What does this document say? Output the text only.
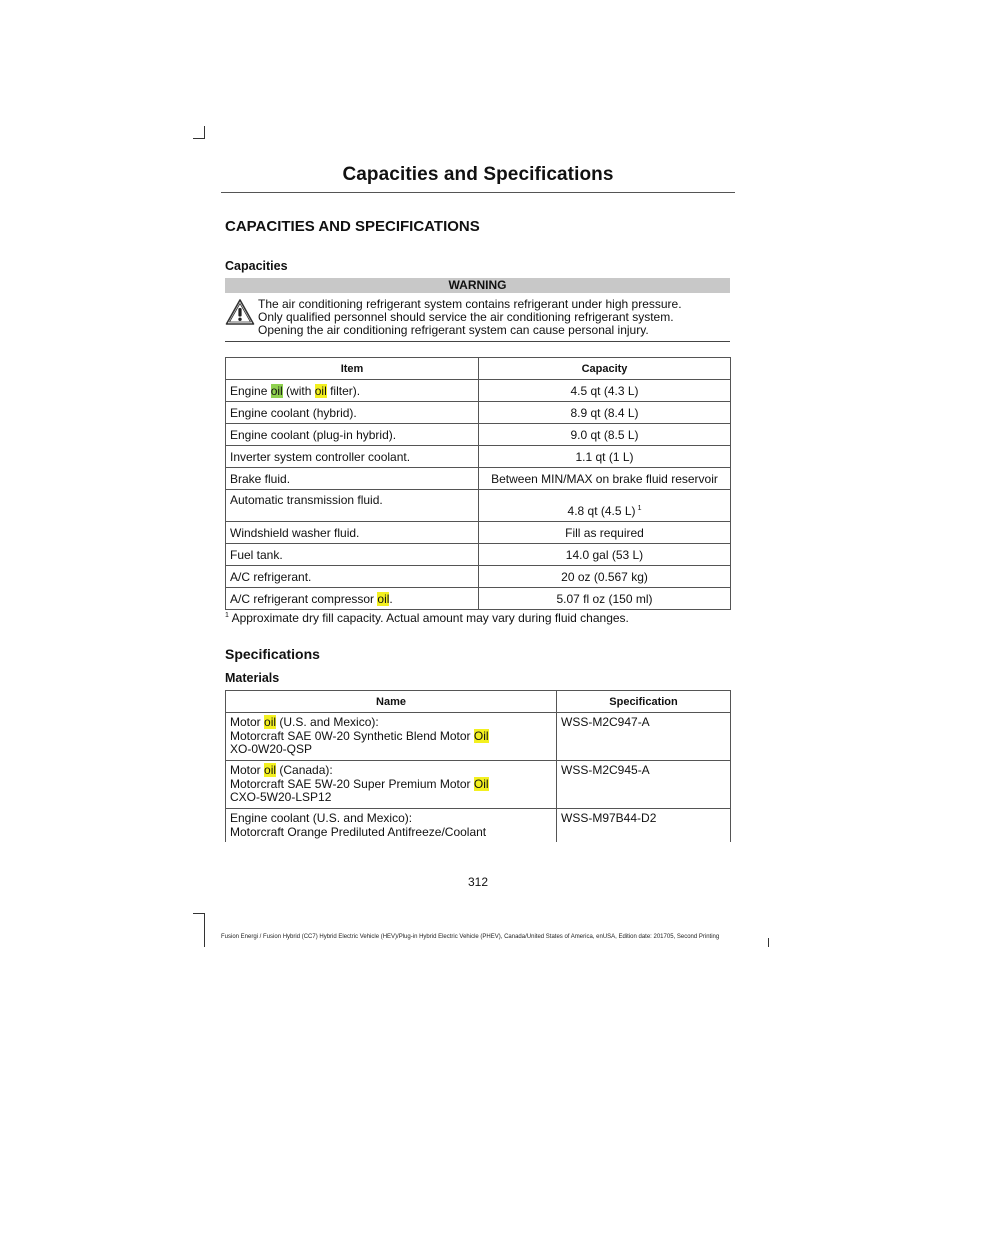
Capacities and Specifications
CAPACITIES AND SPECIFICATIONS
Capacities
WARNING

The air conditioning refrigerant system contains refrigerant under high pressure.

Only qualified personnel should service the air conditioning refrigerant system.

Opening the air conditioning refrigerant system can cause personal injury.

Item	Capacity
Engine oil (with oil filter).	4.5 qt (4.3 L)
Engine coolant (hybrid).	8.9 qt (8.4 L)
Engine coolant (plug-in hybrid).	9.0 qt (8.5 L)
Inverter system controller coolant.	1.1 qt (1 L)
Brake fluid.	Between MIN/MAX on brake fluid reservoir
Automatic transmission fluid.	4.8 qt (4.5 L) $^1$
Windshield washer fluid.	Fill as required
Fuel tank.	14.0 gal (53 L)
A/C refrigerant.	20 oz (0.567 kg)
A/C refrigerant compressor oil.	5.07 fl oz (150 ml)
$^1$ Approximate dry fill capacity. Actual amount may vary during fluid changes.
Specifications
Materials
Name	Specification

Motor oil (U.S. and Mexico):
Motorcraft SAE 0W-20 Synthetic Blend Motor Oil
XO-0W20-QSP	WSS-M2C947-A

Motor oil (Canada):
Motorcraft SAE 5W-20 Super Premium Motor Oil
CXO-5W20-LSP12	WSS-M2C945-A

Engine coolant (U.S. and Mexico):
Motorcraft Orange Prediluted Antifreeze/Coolant	WSS-M97B44-D2
312
Fusion Energi / Fusion Hybrid (CC7) Hybrid Electric Vehicle (HEV)/Plug-in Hybrid Electric Vehicle (PHEV), Canada/United States of America, enUSA, Edition date: 201705, Second Printing
